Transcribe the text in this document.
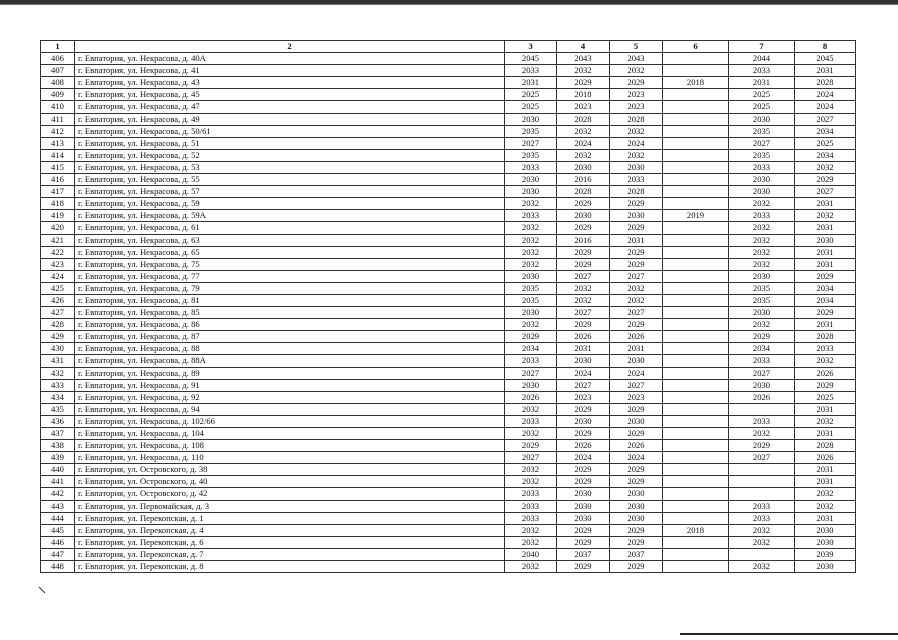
1	2	3	4	5	6	7	8
406	г. Евпатория, ул. Некрасова, д. 40А	2045	2043	2043		2044	2045
407	г. Евпатория, ул. Некрасова, д. 41	2033	2032	2032		2033	2031
408	г. Евпатория, ул. Некрасова, д. 43	2031	2029	2029	2018	2031	2028
409	г. Евпатория, ул. Некрасова, д. 45	2025	2018	2023		2025	2024
410	г. Евпатория, ул. Некрасова, д. 47	2025	2023	2023		2025	2024
411	г. Евпатория, ул. Некрасова, д. 49	2030	2028	2028		2030	2027
412	г. Евпатория, ул. Некрасова, д. 50/61	2035	2032	2032		2035	2034
413	г. Евпатория, ул. Некрасова, д. 51	2027	2024	2024		2027	2025
414	г. Евпатория, ул. Некрасова, д. 52	2035	2032	2032		2035	2034
415	г. Евпатория, ул. Некрасова, д. 53	2033	2030	2030		2033	2032
416	г. Евпатория, ул. Некрасова, д. 55	2030	2016	2033		2030	2029
417	г. Евпатория, ул. Некрасова, д. 57	2030	2028	2028		2030	2027
418	г. Евпатория, ул. Некрасова, д. 59	2032	2029	2029		2032	2031
419	г. Евпатория, ул. Некрасова, д. 59А	2033	2030	2030	2019	2033	2032
420	г. Евпатория, ул. Некрасова, д. 61	2032	2029	2029		2032	2031
421	г. Евпатория, ул. Некрасова, д. 63	2032	2016	2031		2032	2030
422	г. Евпатория, ул. Некрасова, д. 65	2032	2029	2029		2032	2031
423	г. Евпатория, ул. Некрасова, д. 75	2032	2029	2029		2032	2031
424	г. Евпатория, ул. Некрасова, д. 77	2030	2027	2027		2030	2029
425	г. Евпатория, ул. Некрасова, д. 79	2035	2032	2032		2035	2034
426	г. Евпатория, ул. Некрасова, д. 81	2035	2032	2032		2035	2034
427	г. Евпатория, ул. Некрасова, д. 85	2030	2027	2027		2030	2029
428	г. Евпатория, ул. Некрасова, д. 86	2032	2029	2029		2032	2031
429	г. Евпатория, ул. Некрасова, д. 87	2029	2026	2026		2029	2028
430	г. Евпатория, ул. Некрасова, д. 88	2034	2031	2031		2034	2033
431	г. Евпатория, ул. Некрасова, д. 88А	2033	2030	2030		2033	2032
432	г. Евпатория, ул. Некрасова, д. 89	2027	2024	2024		2027	2026
433	г. Евпатория, ул. Некрасова, д. 91	2030	2027	2027		2030	2029
434	г. Евпатория, ул. Некрасова, д. 92	2026	2023	2023		2026	2025
435	г. Евпатория, ул. Некрасова, д. 94	2032	2029	2029			2031
436	г. Евпатория, ул. Некрасова, д. 102/66	2033	2030	2030		2033	2032
437	г. Евпатория, ул. Некрасова, д. 104	2032	2029	2029		2032	2031
438	г. Евпатория, ул. Некрасова, д. 108	2029	2026	2026		2029	2028
439	г. Евпатория, ул. Некрасова, д. 110	2027	2024	2024		2027	2026
440	г. Евпатория, ул. Островского, д. 38	2032	2029	2029			2031
441	г. Евпатория, ул. Островского, д. 40	2032	2029	2029			2031
442	г. Евпатория, ул. Островского, д. 42	2033	2030	2030			2032
443	г. Евпатория, ул. Первомайская, д. 3	2033	2030	2030		2033	2032
444	г. Евпатория, ул. Перекопская, д. 1	2033	2030	2030		2033	2031
445	г. Евпатория, ул. Перекопская, д. 4	2032	2029	2029	2018	2032	2030
446	г. Евпатория, ул. Перекопская, д. 6	2032	2029	2029		2032	2030
447	г. Евпатория, ул. Перекопская, д. 7	2040	2037	2037			2039
448	г. Евпатория, ул. Перекопская, д. 8	2032	2029	2029		2032	2030
